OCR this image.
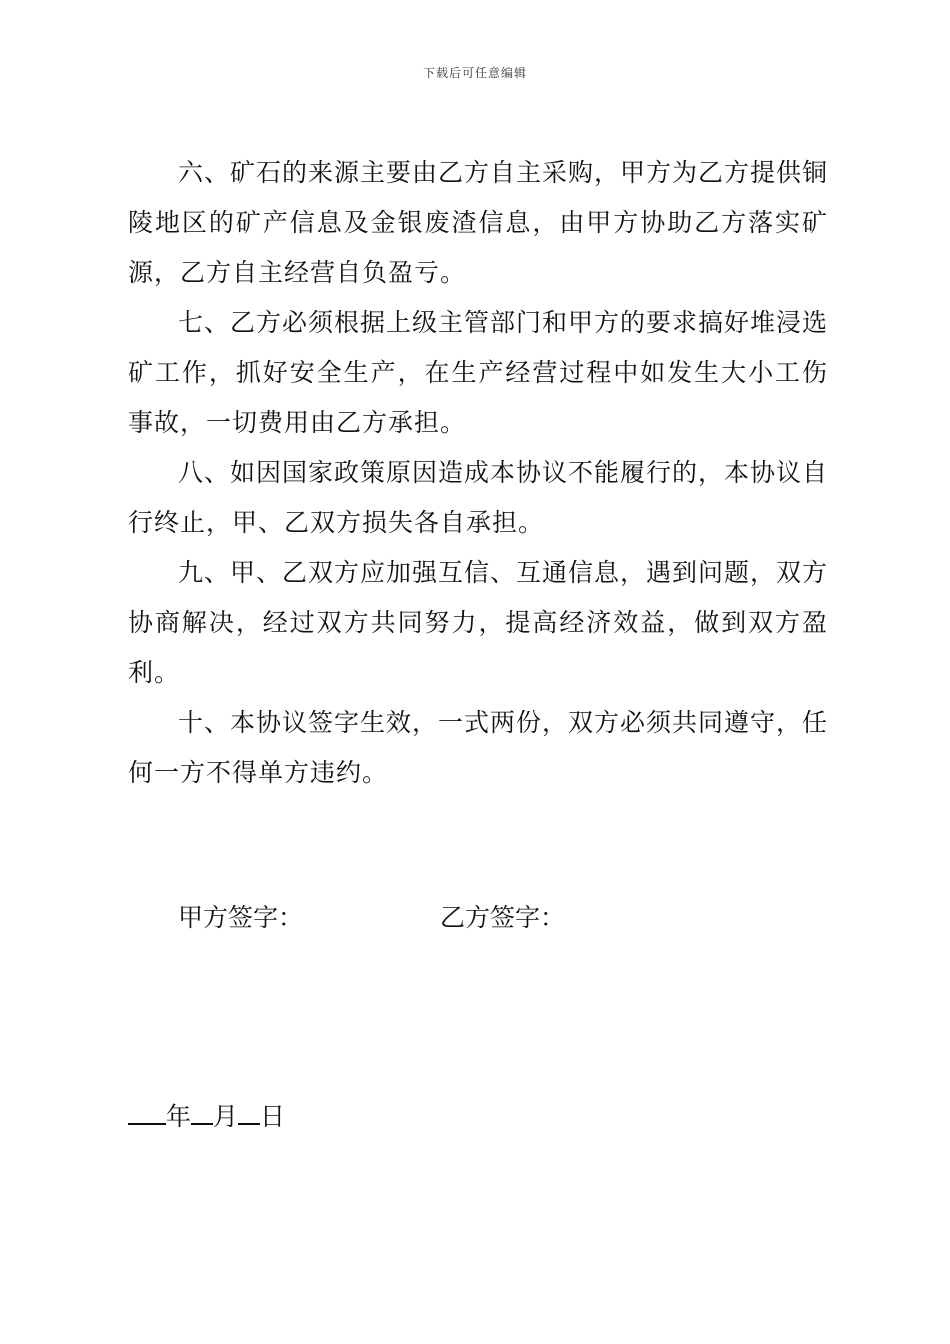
下载后可任意编辑

六、矿石的来源主要由乙方自主采购，甲方为乙方提供铜陵地区的矿产信息及金银废渣信息，由甲方协助乙方落实矿源，乙方自主经营自负盈亏。

七、乙方必须根据上级主管部门和甲方的要求搞好堆浸选矿工作，抓好安全生产，在生产经营过程中如发生大小工伤事故，一切费用由乙方承担。

八、如因国家政策原因造成本协议不能履行的，本协议自行终止，甲、乙双方损失各自承担。

九、甲、乙双方应加强互信、互通信息，遇到问题，双方协商解决，经过双方共同努力，提高经济效益，做到双方盈利。

十、本协议签字生效，一式两份，双方必须共同遵守，任何一方不得单方违约。

甲方签字：	乙方签字：
年 月 日
